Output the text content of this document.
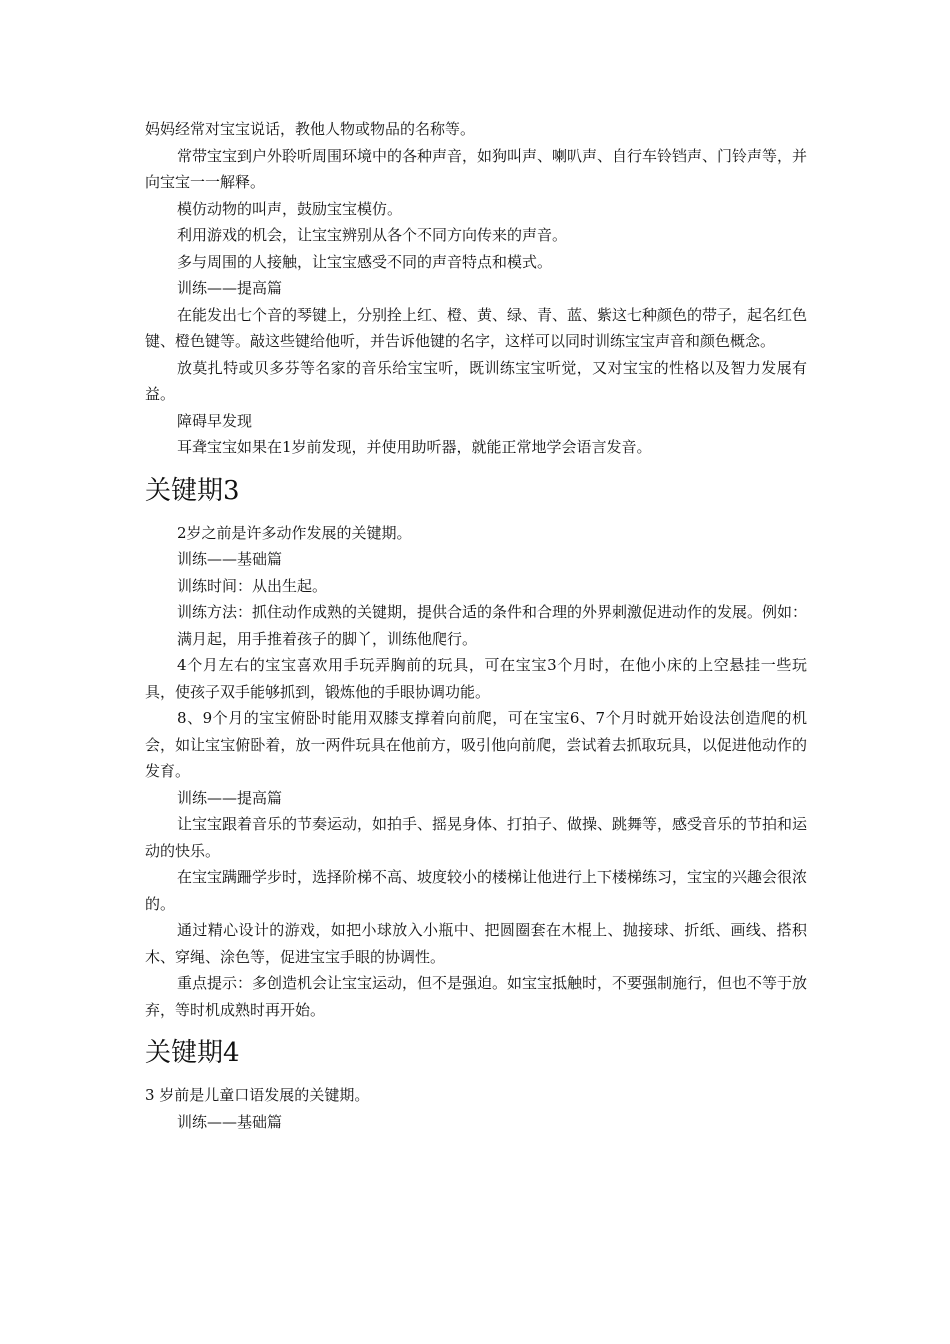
妈妈经常对宝宝说话，教他人物或物品的名称等。

常带宝宝到户外聆听周围环境中的各种声音，如狗叫声、喇叭声、自行车铃铛声、门铃声等，并向宝宝一一解释。

模仿动物的叫声，鼓励宝宝模仿。

利用游戏的机会，让宝宝辨别从各个不同方向传来的声音。

多与周围的人接触，让宝宝感受不同的声音特点和模式。

训练——提高篇

在能发出七个音的琴键上，分别拴上红、橙、黄、绿、青、蓝、紫这七种颜色的带子，起名红色键、橙色键等。敲这些键给他听，并告诉他键的名字，这样可以同时训练宝宝声音和颜色概念。

放莫扎特或贝多芬等名家的音乐给宝宝听，既训练宝宝听觉，又对宝宝的性格以及智力发展有益。

障碍早发现

耳聋宝宝如果在1岁前发现，并使用助听器，就能正常地学会语言发音。

关键期3

2岁之前是许多动作发展的关键期。

训练——基础篇

训练时间：从出生起。

训练方法：抓住动作成熟的关键期，提供合适的条件和合理的外界刺激促进动作的发展。例如：

满月起，用手推着孩子的脚丫，训练他爬行。

4个月左右的宝宝喜欢用手玩弄胸前的玩具，可在宝宝3个月时，在他小床的上空悬挂一些玩具，使孩子双手能够抓到，锻炼他的手眼协调功能。

8、9个月的宝宝俯卧时能用双膝支撑着向前爬，可在宝宝6、7个月时就开始设法创造爬的机会，如让宝宝俯卧着，放一两件玩具在他前方，吸引他向前爬，尝试着去抓取玩具，以促进他动作的发育。

训练——提高篇

让宝宝跟着音乐的节奏运动，如拍手、摇晃身体、打拍子、做操、跳舞等，感受音乐的节拍和运动的快乐。

在宝宝蹒跚学步时，选择阶梯不高、坡度较小的楼梯让他进行上下楼梯练习，宝宝的兴趣会很浓的。

通过精心设计的游戏，如把小球放入小瓶中、把圆圈套在木棍上、抛接球、折纸、画线、搭积木、穿绳、涂色等，促进宝宝手眼的协调性。

重点提示：多创造机会让宝宝运动，但不是强迫。如宝宝抵触时，不要强制施行，但也不等于放弃，等时机成熟时再开始。

关键期4

3 岁前是儿童口语发展的关键期。

训练——基础篇
